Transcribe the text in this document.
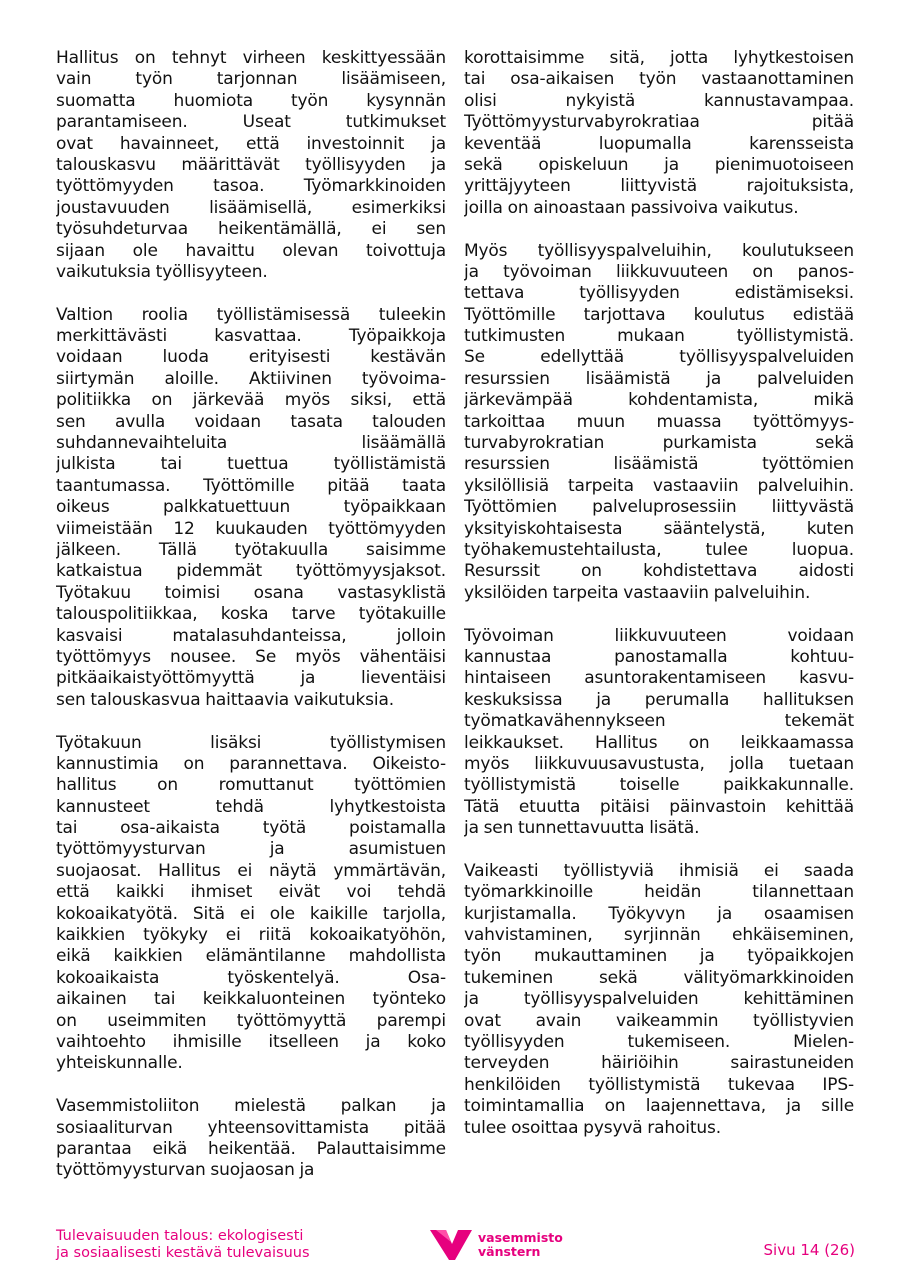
Hallitus on tehnyt virheen keskittyessään
vain työn tarjonnan lisäämiseen,
suomatta huomiota työn kysynnän
parantamiseen. Useat tutkimukset
ovat havainneet, että investoinnit ja
talouskasvu määrittävät työllisyyden ja
työttömyyden tasoa. Työmarkkinoiden
joustavuuden lisäämisellä, esimerkiksi
työsuhdeturvaa heikentämällä, ei sen
sijaan ole havaittu olevan toivottuja
vaikutuksia työllisyyteen.
Valtion roolia työllistämisessä tuleekin
merkittävästi kasvattaa. Työpaikkoja
voidaan luoda erityisesti kestävän
siirtymän aloille. Aktiivinen työvoima-
politiikka on järkevää myös siksi, että
sen avulla voidaan tasata talouden
suhdannevaihteluita lisäämällä
julkista tai tuettua työllistämistä
taantumassa. Työttömille pitää taata
oikeus palkkatuettuun työpaikkaan
viimeistään 12 kuukauden työttömyyden
jälkeen. Tällä työtakuulla saisimme
katkaistua pidemmät työttömyysjaksot.
Työtakuu toimisi osana vastasyklistä
talouspolitiikkaa, koska tarve työtakuille
kasvaisi matalasuhdanteissa, jolloin
työttömyys nousee. Se myös vähentäisi
pitkäaikaistyöttömyyttä ja lieventäisi
sen talouskasvua haittaavia vaikutuksia.
Työtakuun lisäksi työllistymisen
kannustimia on parannettava. Oikeisto-
hallitus on romuttanut työttömien
kannusteet tehdä lyhytkestoista
tai osa-aikaista työtä poistamalla
työttömyysturvan ja asumistuen
suojaosat. Hallitus ei näytä ymmärtävän,
että kaikki ihmiset eivät voi tehdä
kokoaikatyötä. Sitä ei ole kaikille tarjolla,
kaikkien työkyky ei riitä kokoaikatyöhön,
eikä kaikkien elämäntilanne mahdollista
kokoaikaista työskentelyä. Osa-
aikainen tai keikkaluonteinen työnteko
on useimmiten työttömyyttä parempi
vaihtoehto ihmisille itselleen ja koko
yhteiskunnalle.
Vasemmistoliiton mielestä palkan ja
sosiaaliturvan yhteensovittamista pitää
parantaa eikä heikentää. Palauttaisimme
työttömyysturvan suojaosan ja
korottaisimme sitä, jotta lyhytkestoisen
tai osa-aikaisen työn vastaanottaminen
olisi nykyistä kannustavampaa.
Työttömyysturvabyrokratiaa pitää
keventää luopumalla karensseista
sekä opiskeluun ja pienimuotoiseen
yrittäjyyteen liittyvistä rajoituksista,
joilla on ainoastaan passivoiva vaikutus.
Myös työllisyyspalveluihin, koulutukseen
ja työvoiman liikkuvuuteen on panos-
tettava työllisyyden edistämiseksi.
Työttömille tarjottava koulutus edistää
tutkimusten mukaan työllistymistä.
Se edellyttää työllisyyspalveluiden
resurssien lisäämistä ja palveluiden
järkevämpää kohdentamista, mikä
tarkoittaa muun muassa työttömyys-
turvabyrokratian purkamista sekä
resurssien lisäämistä työttömien
yksilöllisiä tarpeita vastaaviin palveluihin.
Työttömien palveluprosessiin liittyvästä
yksityiskohtaisesta sääntelystä, kuten
työhakemustehtailusta, tulee luopua.
Resurssit on kohdistettava aidosti
yksilöiden tarpeita vastaaviin palveluihin.
Työvoiman liikkuvuuteen voidaan
kannustaa panostamalla kohtuu-
hintaiseen asuntorakentamiseen kasvu-
keskuksissa ja perumalla hallituksen
työmatkavähennykseen tekemät
leikkaukset. Hallitus on leikkaamassa
myös liikkuvuusavustusta, jolla tuetaan
työllistymistä toiselle paikkakunnalle.
Tätä etuutta pitäisi päinvastoin kehittää
ja sen tunnettavuutta lisätä.
Vaikeasti työllistyviä ihmisiä ei saada
työmarkkinoille heidän tilannettaan
kurjistamalla. Työkyvyn ja osaamisen
vahvistaminen, syrjinnän ehkäiseminen,
työn mukauttaminen ja työpaikkojen
tukeminen sekä välityömarkkinoiden
ja työllisyyspalveluiden kehittäminen
ovat avain vaikeammin työllistyvien
työllisyyden tukemiseen. Mielen-
terveyden häiriöihin sairastuneiden
henkilöiden työllistymistä tukevaa IPS-
toimintamallia on laajennettava, ja sille
tulee osoittaa pysyvä rahoitus.
Tulevaisuuden talous: ekologisesti
ja sosiaalisesti kestävä tulevaisuus
vasemmisto
vänstern	Sivu 14 (26)
